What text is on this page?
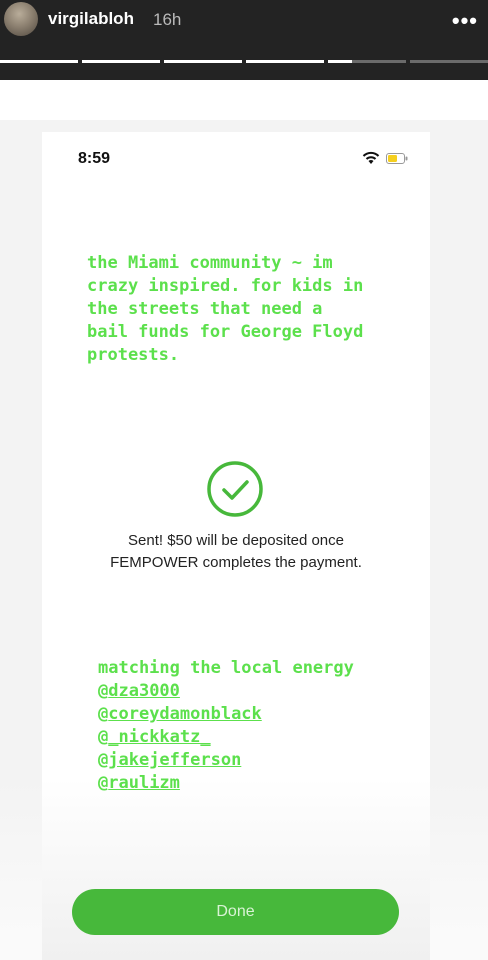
virgilabloh 16h	•••
8:59

the Miami community ~ im
crazy inspired. for kids in
the streets that need a
bail funds for George Floyd
protests.

Sent! $50 will be deposited once
FEMPOWER completes the payment.

matching the local energy
@dza3000
@coreydamonblack
@_nickkatz_
@jakejefferson
@raulizm

Done
